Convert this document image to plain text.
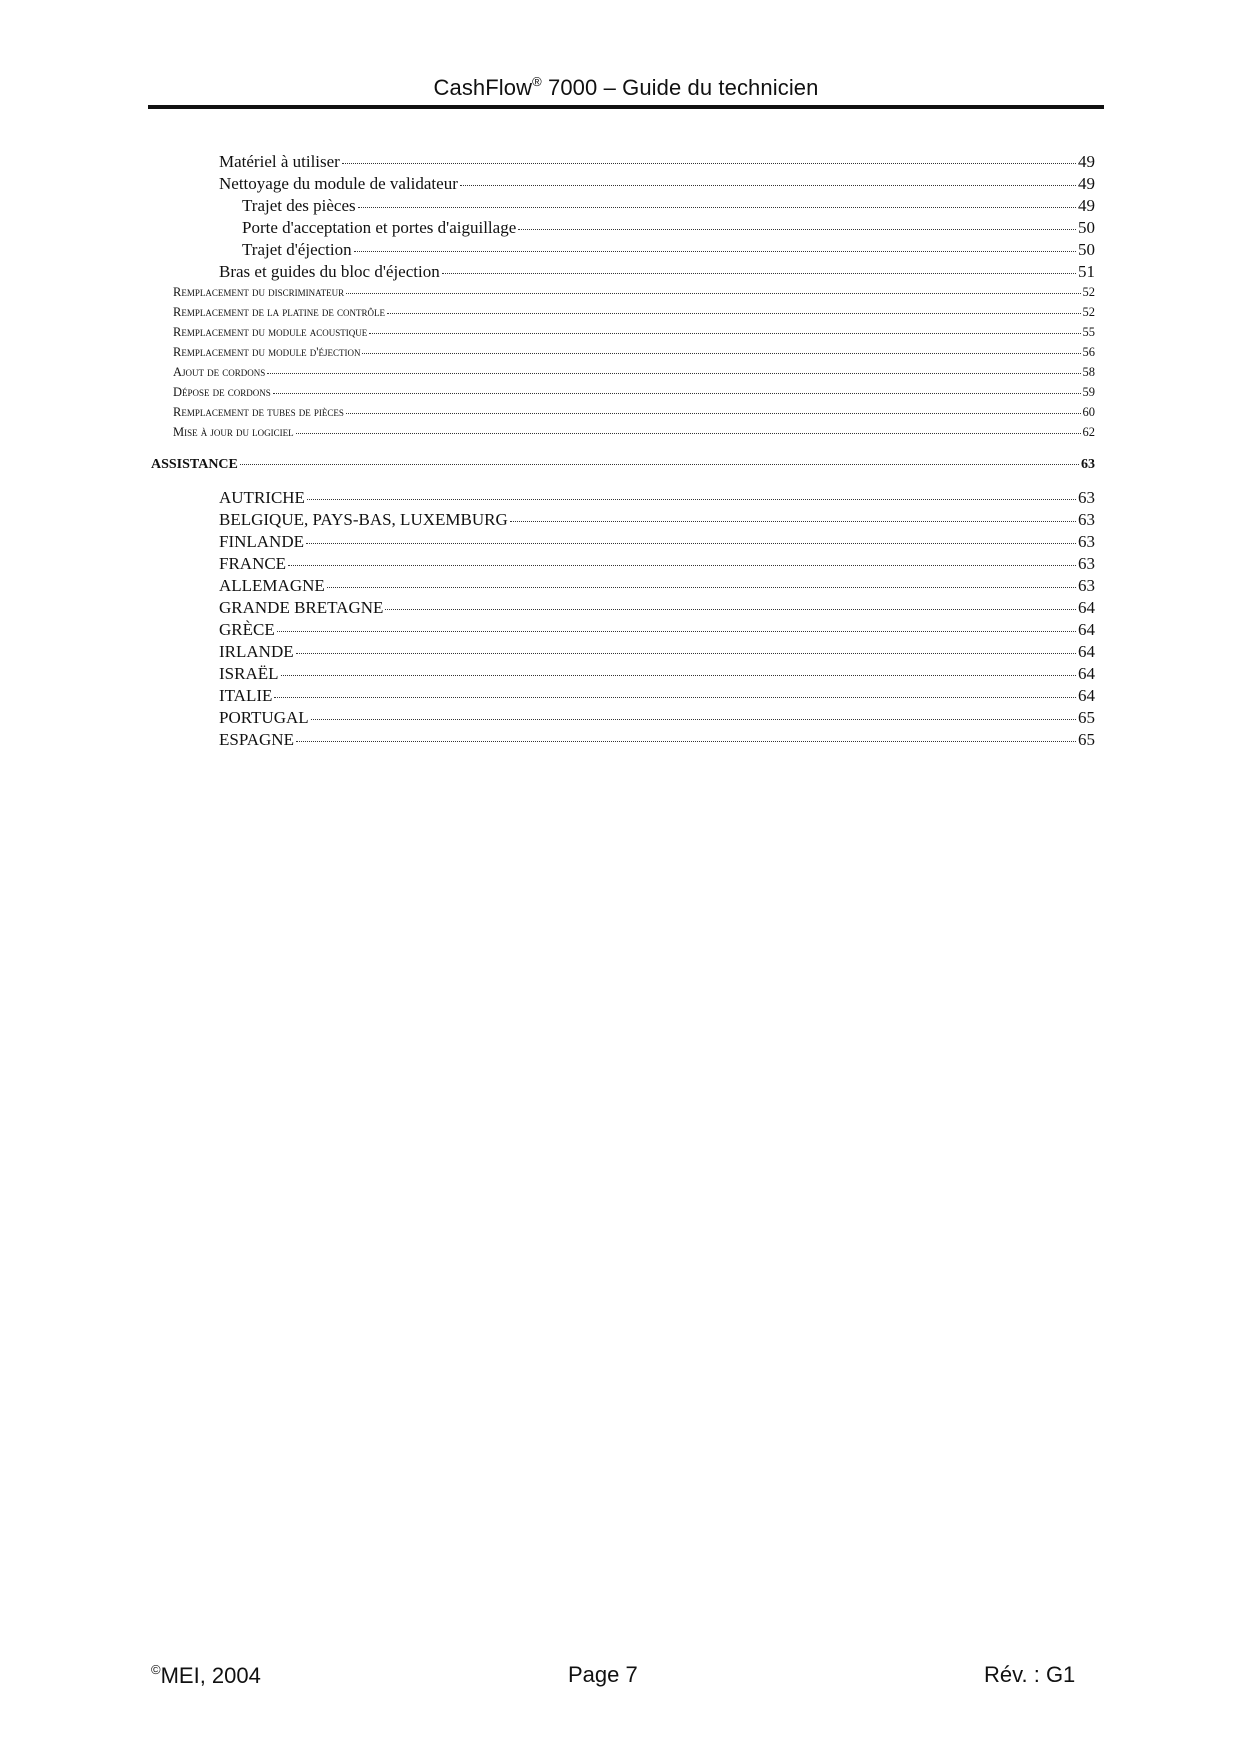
CashFlow® 7000 – Guide du technicien
Matériel à utiliser	49
Nettoyage du module de validateur	49
Trajet des pièces	49
Porte d'acceptation et portes d'aiguillage	50
Trajet d'éjection	50
Bras et guides du bloc d'éjection	51
Remplacement du discriminateur	52
Remplacement de la platine de contrôle	52
Remplacement du module acoustique	55
Remplacement du module d'éjection	56
Ajout de cordons	58
Dépose de cordons	59
Remplacement de tubes de pièces	60
Mise à jour du logiciel	62
ASSISTANCE	63
AUTRICHE	63
BELGIQUE, PAYS-BAS, LUXEMBURG	63
FINLANDE	63
FRANCE	63
ALLEMAGNE	63
GRANDE BRETAGNE	64
GRÈCE	64
IRLANDE	64
ISRAËL	64
ITALIE	64
PORTUGAL	65
ESPAGNE	65
©MEI, 2004	Page 7	Rév. : G1
